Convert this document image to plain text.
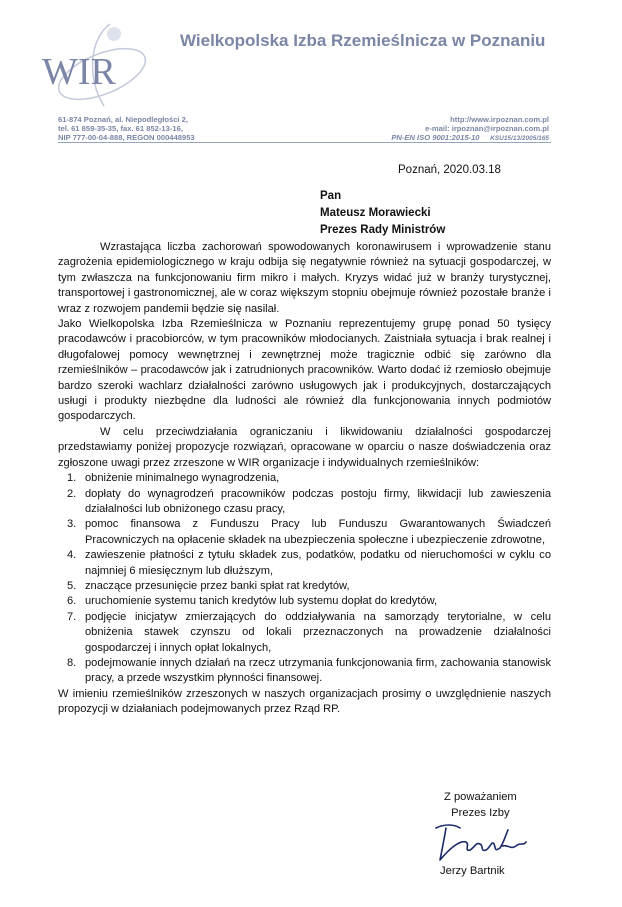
WIR
Wielkopolska Izba Rzemieślnicza w Poznaniu
61-874 Poznań, al. Niepodległości 2,
tel. 61 859-35-35, fax. 61 852-13-16,
NIP 777-00-04-888, REGON 000448953
http://www.irpoznan.com.pl
e-mail: irpoznan@irpoznan.com.pl
PN-EN ISO 9001:2015-10 KSU15/13/2005/165
Poznań, 2020.03.18
Pan
Mateusz Morawiecki
Prezes Rady Ministrów

Wzrastająca liczba zachorowań spowodowanych koronawirusem i wprowadzenie stanu zagrożenia epidemiologicznego w kraju odbija się negatywnie również na sytuacji gospodarczej, w tym zwłaszcza na funkcjonowaniu firm mikro i małych. Kryzys widać już w branży turystycznej, transportowej i gastronomicznej, ale w coraz większym stopniu obejmuje również pozostałe branże i wraz z rozwojem pandemii będzie się nasilał.

Jako Wielkopolska Izba Rzemieślnicza w Poznaniu reprezentujemy grupę ponad 50 tysięcy pracodawców i pracobiorców, w tym pracowników młodocianych. Zaistniała sytuacja i brak realnej i długofalowej pomocy wewnętrznej i zewnętrznej może tragicznie odbić się zarówno dla rzemieślników – pracodawców jak i zatrudnionych pracowników. Warto dodać iż rzemiosło obejmuje bardzo szeroki wachlarz działalności zarówno usługowych jak i produkcyjnych, dostarczających usługi i produkty niezbędne dla ludności ale również dla funkcjonowania innych podmiotów gospodarczych.

W celu przeciwdziałania ograniczaniu i likwidowaniu działalności gospodarczej przedstawiamy poniżej propozycje rozwiązań, opracowane w oparciu o nasze doświadczenia oraz zgłoszone uwagi przez zrzeszone w WIR organizacje i indywidualnych rzemieślników:

1. obniżenie minimalnego wynagrodzenia,
2. dopłaty do wynagrodzeń pracowników podczas postoju firmy, likwidacji lub zawieszenia działalności lub obniżonego czasu pracy,
3. pomoc finansowa z Funduszu Pracy lub Funduszu Gwarantowanych Świadczeń Pracowniczych na opłacenie składek na ubezpieczenia społeczne i ubezpieczenie zdrowotne,
4. zawieszenie płatności z tytułu składek zus, podatków, podatku od nieruchomości w cyklu co najmniej 6 miesięcznym lub dłuższym,
5. znaczące przesunięcie przez banki spłat rat kredytów,
6. uruchomienie systemu tanich kredytów lub systemu dopłat do kredytów,
7. podjęcie inicjatyw zmierzających do oddziaływania na samorządy terytorialne, w celu obniżenia stawek czynszu od lokali przeznaczonych na prowadzenie działalności gospodarczej i innych opłat lokalnych,
8. podejmowanie innych działań na rzecz utrzymania funkcjonowania firm, zachowania stanowisk pracy, a przede wszystkim płynności finansowej.

W imieniu rzemieślników zrzeszonych w naszych organizacjach prosimy o uwzględnienie naszych propozycji w działaniach podejmowanych przez Rząd RP.

Z poważaniem
Prezes Izby
Jerzy Bartnik
